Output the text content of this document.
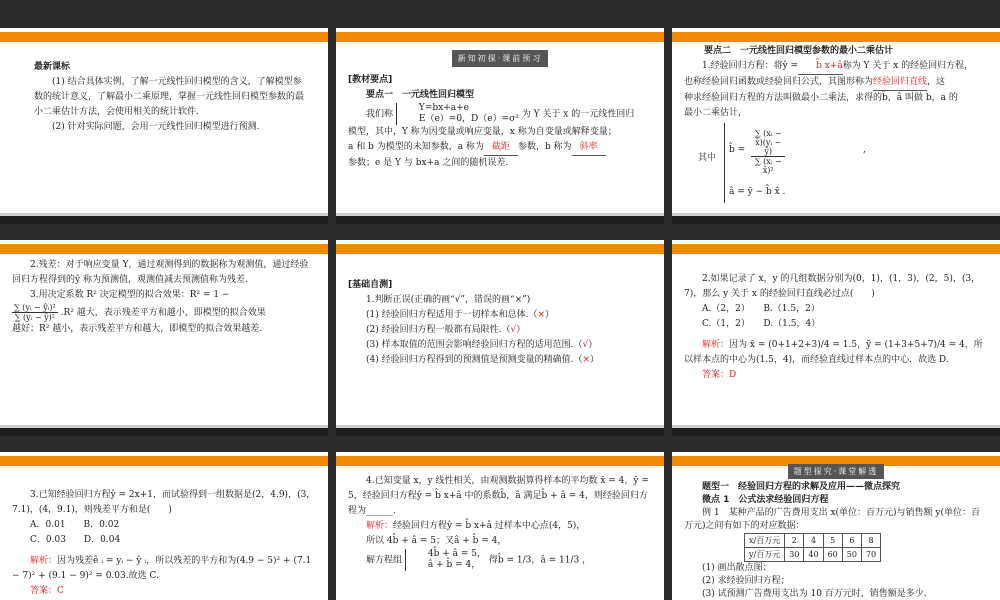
最新课标

(1) 结合具体实例，了解一元线性回归模型的含义，了解模型参数的统计意义，了解最小二乘原理，掌握一元线性回归模型参数的最小二乘估计方法，会使用相关的统计软件.

(2) 针对实际问题，会用一元线性回归模型进行预测.

新知初探·课前预习

[教材要点]

要点一　一元线性回归模型

我们称
Y=bx+a+e
E（e）=0，D（e）=σ² 为 Y 关于 x 的一元线性回归

模型，其中，Y 称为因变量或响应变量，x 称为自变量或解释变量；

a 和 b 为模型的未知参数，a 称为 截距 参数，b 称为 斜率

参数；e 是 Y 与 bx+a 之间的随机误差.

要点二　一元线性回归模型参数的最小二乘估计

1.经验回归方程：将ŷ = b̂ x+â称为 Y 关于 x 的经验回归方程，

也称经验回归函数或经验回归公式，其图形称为经验回归直线，这

种求经验回归方程的方法叫做最小二乘法，求得的b̂，â 叫做 b，a 的

最小二乘估计，

其中
b̂ = $\frac{\text{∑ (xᵢ − x̄)(yᵢ − ȳ)}}{\text{∑ (xᵢ − x̄)²}}$	,
â = ȳ − b̂ x̄ .

2.残差：对于响应变量 Y，通过观测得到的数据称为观测值，通过经验回归方程得到的ŷ 称为预测值，观测值减去预测值称为残差.

3.用决定系数 R² 决定模型的拟合效果：R² = 1 −

$\frac{\text{∑ (yᵢ − ŷᵢ)²}}{\text{∑ (yᵢ − ȳ)²}} .R^2$ 越大，表示残差平方和越小，即模型的拟合效果

越好；R² 越小，表示残差平方和越大，即模型的拟合效果越差.

[基础自测]

1.判断正误(正确的画“√”，错误的画“×”)

(1) 经验回归方程适用于一切样本和总体.（×）

(2) 经验回归方程一般都有局限性.（√）

(3) 样本取值的范围会影响经验回归方程的适用范围.（√）

(4) 经验回归方程得到的预测值是预测变量的精确值.（×）

2.如果记录了 x，y 的几组数据分别为(0，1)，(1，3)，(2，5)，(3，7)，那么 y 关于 x 的经验回归直线必过点(　　)

A.（2，2）　　B.（1.5，2）

C.（1，2）　　D.（1.5，4）

解析：因为 x̄ = (0+1+2+3)/4 = 1.5，ȳ = (1+3+5+7)/4 = 4，所

以样本点的中心为(1.5，4)，而经验直线过样本点的中心．故选 D.

答案：D

3.已知经验回归方程ŷ = 2x+1，而试验得到一组数据是(2，4.9)，(3，7.1)，(4，9.1)，则残差平方和是(　　)

A．0.01　　B．0.02

C．0.03　　D．0.04

解析：因为残差ê ᵢ = yᵢ − ŷ ᵢ，所以残差的平方和为(4.9 − 5)² + (7.1 − 7)² + (9.1 − 9)² = 0.03.故选 C.

答案：C

4.已知变量 x，y 线性相关，由观测数据算得样本的平均数 x̄ = 4，ȳ = 5，经验回归方程ŷ = b̂ x+â 中的系数b̂，â 满足b̂ + â = 4，则经验回归方程为______.

解析：经验回归方程ŷ = b̂ x+â 过样本中心点(4，5)，

所以 4b̂ + â = 5；又â + b̂ = 4，

解方程组
4b̂ + â = 5，
â + b̂ = 4， 得b̂ = 1/3，â = 11/3 ，

题型探究·课堂解透

题型一　经验回归方程的求解及应用——微点探究

微点 1　公式法求经验回归方程

例 1　某种产品的广告费用支出 x(单位：百万元)与销售额 y(单位：百万元)之间有如下的对应数据：

x/百万元	2	4	5	6	8
y/百万元	30	40	60	50	70

(1) 画出散点图；

(2) 求经验回归方程；

(3) 试预测广告费用支出为 10 百万元时，销售额是多少.
